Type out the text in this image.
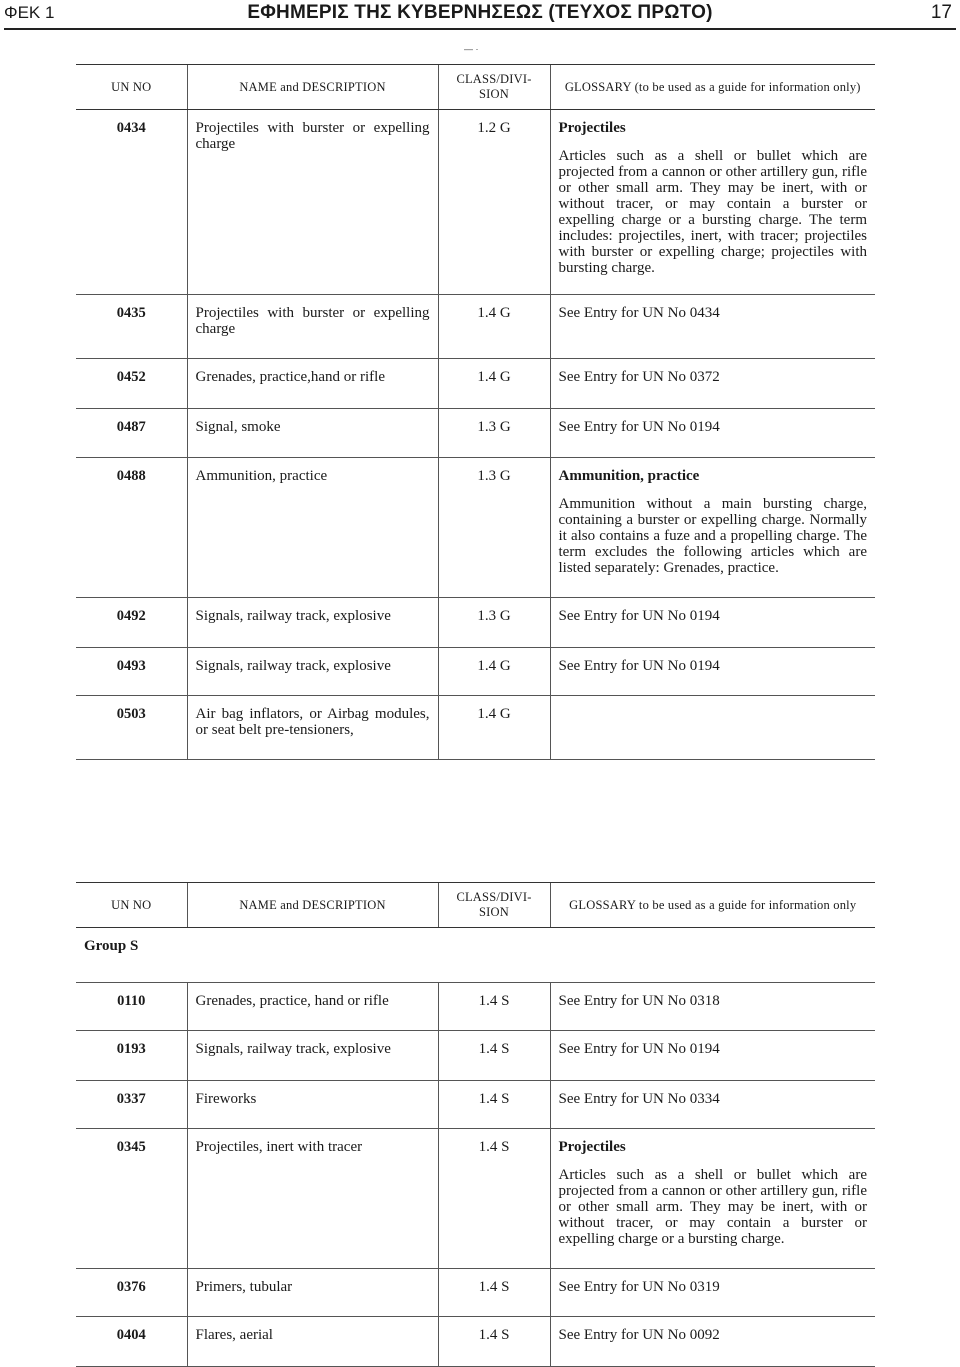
ΦΕΚ 1	ΕΦΗΜΕΡΙΣ ΤΗΣ ΚΥΒΕΡΝΗΣΕΩΣ (ΤΕΥΧΟΣ ΠΡΩΤΟ)	17
— ·
UN NO	NAME and DESCRIPTION	CLASS/DIVI-SION	GLOSSARY (to be used as a guide for information only)
0434	Projectiles with burster or expelling charge	1.2 G	Projectiles
Articles such as a shell or bullet which are projected from a cannon or other artillery gun, rifle or other small arm. They may be inert, with or without tracer, or may contain a burster or expelling charge or a bursting charge. The term includes: projectiles, inert, with tracer; projectiles with burster or expelling charge; projectiles with bursting charge.

0435	Projectiles with burster or expelling charge	1.4 G	See Entry for UN No 0434

0452	Grenades, practice,hand or rifle	1.4 G	See Entry for UN No 0372

0487	Signal, smoke	1.3 G	See Entry for UN No 0194

0488	Ammunition, practice	1.3 G	Ammunition, practice
Ammunition without a main bursting charge, containing a burster or expelling charge. Normally it also contains a fuze and a propelling charge. The term excludes the following articles which are listed separately: Grenades, practice.

0492	Signals, railway track, explosive	1.3 G	See Entry for UN No 0194

0493	Signals, railway track, explosive	1.4 G	See Entry for UN No 0194

0503	Air bag inflators, or Airbag modules, or seat belt pre-tensioners,	1.4 G	
UN NO	NAME and DESCRIPTION	CLASS/DIVI-SION	GLOSSARY to be used as a guide for information only
Group S			
0110	Grenades, practice, hand or rifle	1.4 S	See Entry for UN No 0318

0193	Signals, railway track, explosive	1.4 S	See Entry for UN No 0194

0337	Fireworks	1.4 S	See Entry for UN No 0334

0345	Projectiles, inert with tracer	1.4 S	Projectiles
Articles such as a shell or bullet which are projected from a cannon or other artillery gun, rifle or other small arm. They may be inert, with or without tracer, or may contain a burster or expelling charge or a bursting charge.

0376	Primers, tubular	1.4 S	See Entry for UN No 0319

0404	Flares, aerial	1.4 S	See Entry for UN No 0092
